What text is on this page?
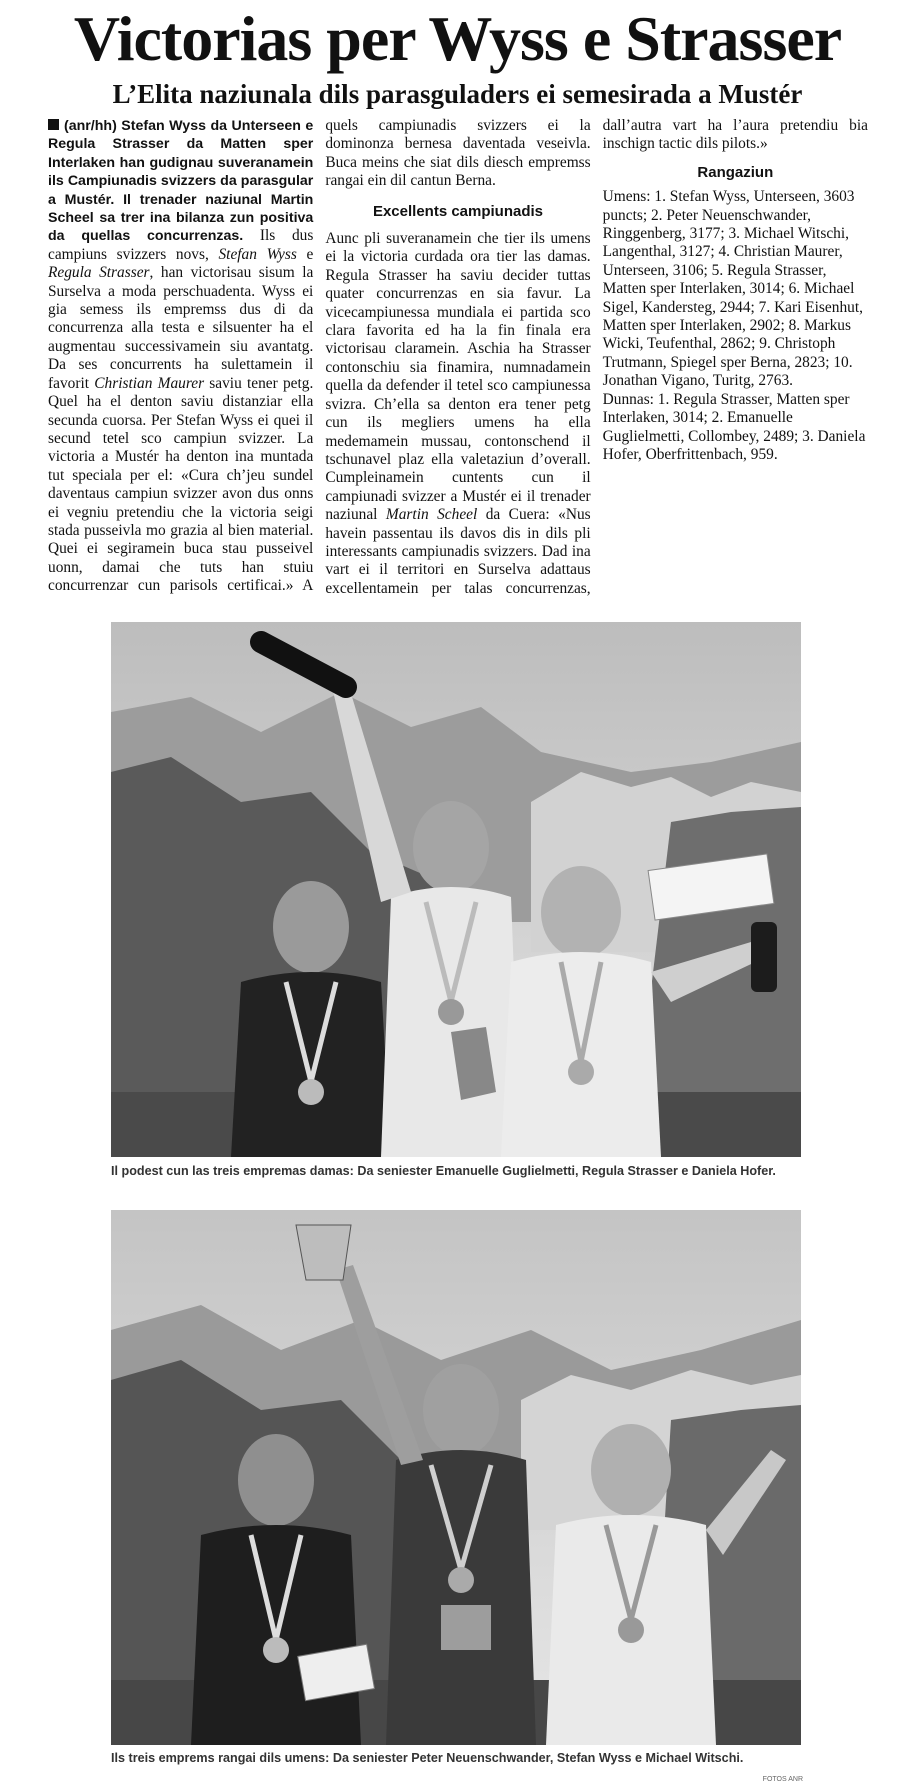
Victorias per Wyss e Strasser
L’Elita naziunala dils parasguladers ei semesirada a Mustér

(anr/hh) Stefan Wyss da Unterseen e Regula Strasser da Matten sper Interlaken han gudignau suveranamein ils Campiunadis svizzers da parasgular a Mustér. Il trenader naziunal Martin Scheel sa trer ina bilanza zun positiva da quellas concurrenzas. Ils dus campiuns svizzers novs, Stefan Wyss e Regula Strasser, han victorisau sisum la Surselva a moda perschuadenta. Wyss ei gia semess ils empremss dus di da concurrenza alla testa e silsuenter ha el augmentau successivamein siu avantatg. Da ses concurrents ha sulettamein il favorit Christian Maurer saviu tener petg. Quel ha el denton saviu distanziar ella secunda cuorsa. Per Stefan Wyss ei quei il secund tetel sco campiun svizzer. La victoria a Mustér ha denton ina muntada tut speciala per el: «Cura ch’jeu sundel daventaus campiun svizzer avon dus onns ei vegniu pretendiu che la victoria seigi stada pusseivla mo grazia al bien material. Quei ei segiramein buca stau pusseivel uonn, damai che tuts han stuiu concurrenzar cun parisols certificai.» A quels campiunadis svizzers ei la dominonza bernesa daventada veseivla. Buca meins che siat dils diesch empremss rangai ein dil cantun Berna.

Excellents campiunadis

Aunc pli suveranamein che tier ils umens ei la victoria curdada ora tier las damas. Regula Strasser ha saviu decider tuttas quater concurrenzas en sia favur. La vicecampiunessa mundiala ei partida sco clara favorita ed ha la fin finala era victorisau claramein. Aschia ha Strasser contonschiu sia finamira, numnadamein quella da defender il tetel sco campiunessa svizra. Ch’ella sa denton era tener petg cun ils megliers umens ha ella medemamein mussau, contonschend il tschunavel plaz ella valetaziun d’overall. Cumpleinamein cuntents cun il campiunadi svizzer a Mustér ei il trenader naziunal Martin Scheel da Cuera: «Nus havein passentau ils davos dis in dils pli interessants campiunadis svizzers. Dad ina vart ei il territori en Surselva adattaus excellentamein per talas concurrenzas, dall’autra vart ha l’aura pretendiu bia inschign tactic dils pilots.»

Rangaziun

Umens: 1. Stefan Wyss, Unterseen, 3603 puncts; 2. Peter Neuenschwander, Ringgenberg, 3177; 3. Michael Witschi, Langenthal, 3127; 4. Christian Maurer, Unterseen, 3106; 5. Regula Strasser, Matten sper Interlaken, 3014; 6. Michael Sigel, Kandersteg, 2944; 7. Kari Eisenhut, Matten sper Interlaken, 2902; 8. Markus Wicki, Teufenthal, 2862; 9. Christoph Trutmann, Spiegel sper Berna, 2823; 10. Jonathan Vigano, Turitg, 2763.

Dunnas: 1. Regula Strasser, Matten sper Interlaken, 3014; 2. Emanuelle Guglielmetti, Collombey, 2489; 3. Daniela Hofer, Oberfrittenbach, 959.

Il podest cun las treis empremas damas: Da seniester Emanuelle Guglielmetti, Regula Strasser e Daniela Hofer.
Ils treis emprems rangai dils umens: Da seniester Peter Neuenschwander, Stefan Wyss e Michael Witschi.
FOTOS ANR
